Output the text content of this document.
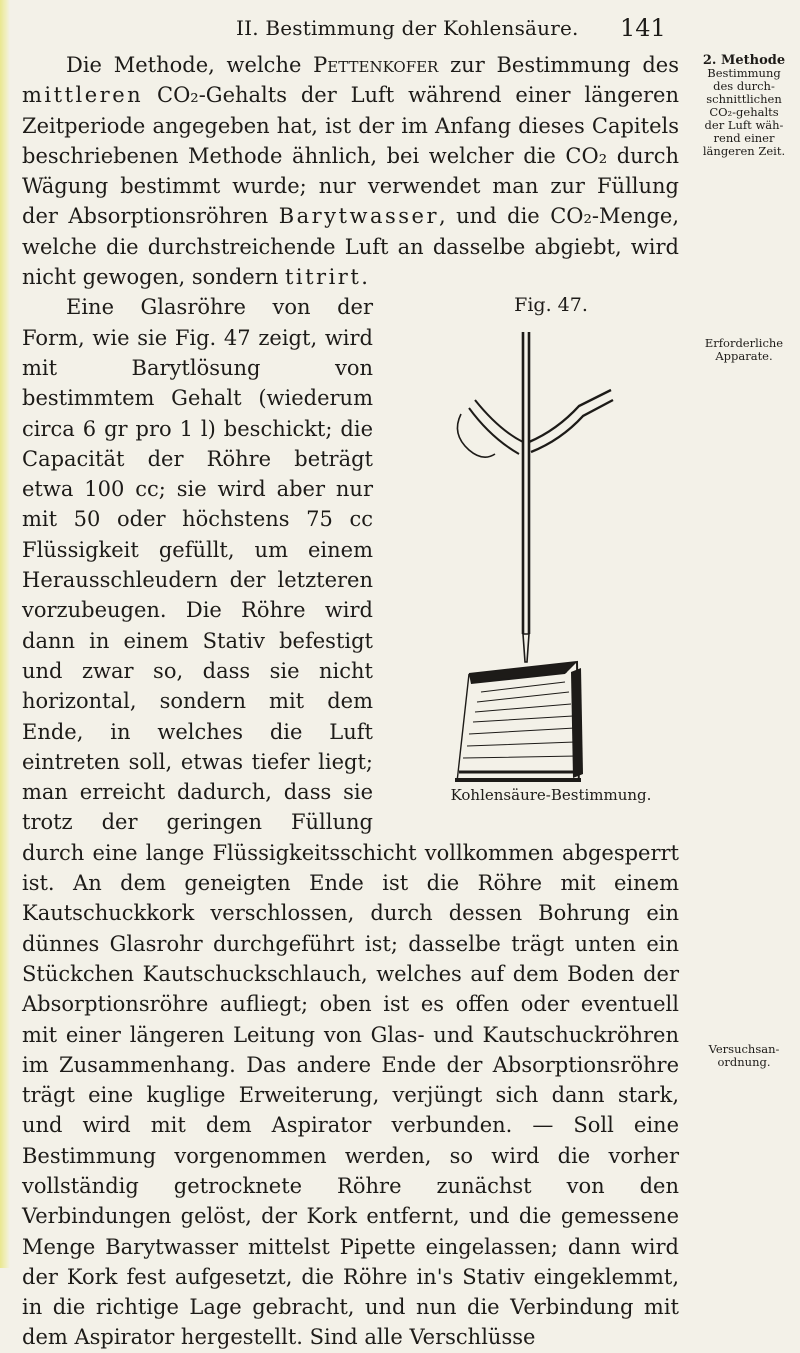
II. Bestimmung der Kohlensäure. 141

Die Methode, welche Pettenkofer zur Bestimmung des mittleren CO₂-Gehalts der Luft während einer längeren Zeitperiode angegeben hat, ist der im Anfang dieses Capitels beschriebenen Methode ähnlich, bei welcher die CO₂ durch Wägung bestimmt wurde; nur verwendet man zur Füllung der Absorptionsröhren Barytwasser, und die CO₂-Menge, welche die durchstreichende Luft an dasselbe abgiebt, wird nicht gewogen, sondern titrirt.

Fig. 47.
Kohlensäure-Bestimmung.
Eine Glasröhre von der Form, wie sie Fig. 47 zeigt, wird mit Barytlösung von bestimmtem Gehalt (wiederum circa 6 gr pro 1 l) beschickt; die Capacität der Röhre beträgt etwa 100 cc; sie wird aber nur mit 50 oder höchstens 75 cc Flüssigkeit gefüllt, um einem Herausschleudern der letzteren vorzubeugen. Die Röhre wird dann in einem Stativ befestigt und zwar so, dass sie nicht horizontal, sondern mit dem Ende, in welches die Luft eintreten soll, etwas tiefer liegt; man erreicht dadurch, dass sie trotz der geringen Füllung durch eine lange Flüssigkeitsschicht vollkommen abgesperrt ist. An dem geneigten Ende ist die Röhre mit einem Kautschuckkork verschlossen, durch dessen Bohrung ein dünnes Glasrohr durchgeführt ist; dasselbe trägt unten ein Stückchen Kautschuckschlauch, welches auf dem Boden der Absorptionsröhre aufliegt; oben ist es offen oder eventuell mit einer längeren Leitung von Glas- und Kautschuckröhren im Zusammenhang. Das andere Ende der Absorptionsröhre trägt eine kuglige Erweiterung, verjüngt sich dann stark, und wird mit dem Aspirator verbunden. — Soll eine Bestimmung vorgenommen werden, so wird die vorher vollständig getrocknete Röhre zunächst von den Verbindungen gelöst, der Kork entfernt, und die gemessene Menge Barytwasser mittelst Pipette eingelassen; dann wird der Kork fest aufgesetzt, die Röhre in's Stativ eingeklemmt, in die richtige Lage gebracht, und nun die Verbindung mit dem Aspirator hergestellt. Sind alle Verschlüsse

2. Methode
Bestimmung
des durch-
schnittlichen
CO₂-gehalts
der Luft wäh-
rend einer
längeren Zeit.
Erforderliche
Apparate.
Versuchsan-
ordnung.
